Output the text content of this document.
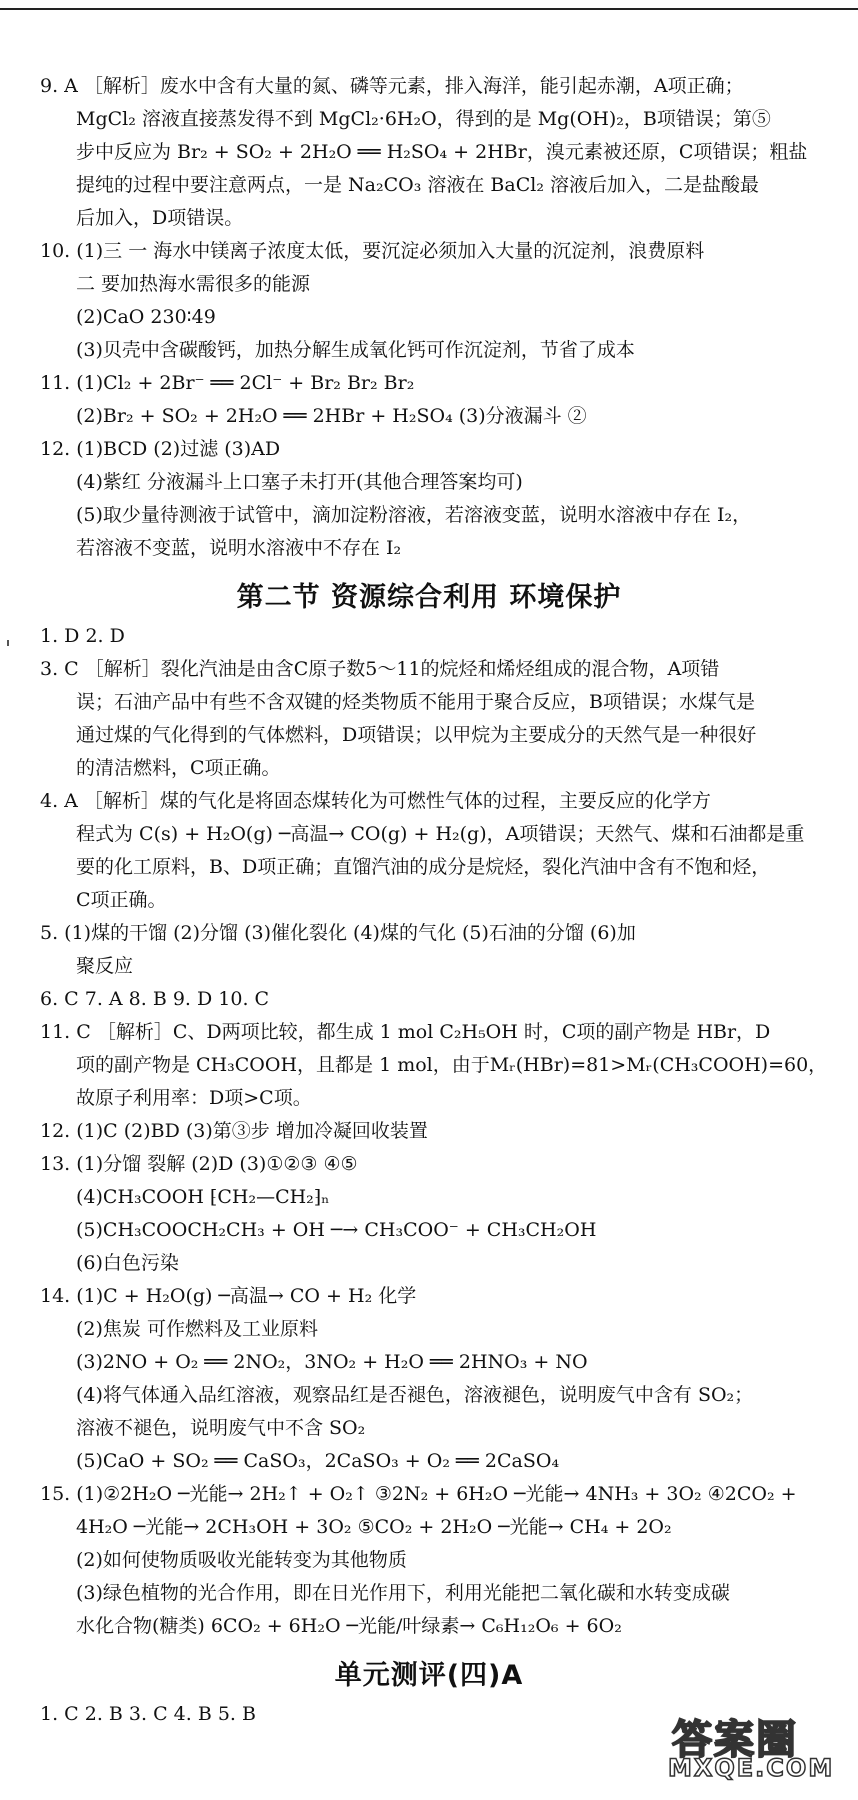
9. A ［解析］废水中含有大量的氮、磷等元素，排入海洋，能引起赤潮，A项正确；

MgCl₂ 溶液直接蒸发得不到 MgCl₂·6H₂O，得到的是 Mg(OH)₂，B项错误；第⑤

步中反应为 Br₂ + SO₂ + 2H₂O ══ H₂SO₄ + 2HBr，溴元素被还原，C项错误；粗盐

提纯的过程中要注意两点，一是 Na₂CO₃ 溶液在 BaCl₂ 溶液后加入，二是盐酸最

后加入，D项错误。

10. (1)三 一 海水中镁离子浓度太低，要沉淀必须加入大量的沉淀剂，浪费原料

二 要加热海水需很多的能源

(2)CaO 230∶49

(3)贝壳中含碳酸钙，加热分解生成氧化钙可作沉淀剂，节省了成本

11. (1)Cl₂ + 2Br⁻ ══ 2Cl⁻ + Br₂ Br₂ Br₂

(2)Br₂ + SO₂ + 2H₂O ══ 2HBr + H₂SO₄ (3)分液漏斗 ②

12. (1)BCD (2)过滤 (3)AD

(4)紫红 分液漏斗上口塞子未打开(其他合理答案均可)

(5)取少量待测液于试管中，滴加淀粉溶液，若溶液变蓝，说明水溶液中存在 I₂，

若溶液不变蓝，说明水溶液中不存在 I₂

第二节 资源综合利用 环境保护

1. D 2. D

3. C ［解析］裂化汽油是由含C原子数5～11的烷烃和烯烃组成的混合物，A项错

误；石油产品中有些不含双键的烃类物质不能用于聚合反应，B项错误；水煤气是

通过煤的气化得到的气体燃料，D项错误；以甲烷为主要成分的天然气是一种很好

的清洁燃料，C项正确。

4. A ［解析］煤的气化是将固态煤转化为可燃性气体的过程，主要反应的化学方

程式为 C(s) + H₂O(g) ─高温→ CO(g) + H₂(g)，A项错误；天然气、煤和石油都是重

要的化工原料，B、D项正确；直馏汽油的成分是烷烃，裂化汽油中含有不饱和烃，

C项正确。

5. (1)煤的干馏 (2)分馏 (3)催化裂化 (4)煤的气化 (5)石油的分馏 (6)加

聚反应

6. C 7. A 8. B 9. D 10. C

11. C ［解析］C、D两项比较，都生成 1 mol C₂H₅OH 时，C项的副产物是 HBr，D

项的副产物是 CH₃COOH，且都是 1 mol，由于Mᵣ(HBr)=81>Mᵣ(CH₃COOH)=60，

故原子利用率：D项>C项。

12. (1)C (2)BD (3)第③步 增加冷凝回收装置

13. (1)分馏 裂解 (2)D (3)①②③ ④⑤

(4)CH₃COOH ⁅CH₂—CH₂⁆ₙ

(5)CH₃COOCH₂CH₃ + OH ─→ CH₃COO⁻ + CH₃CH₂OH

(6)白色污染

14. (1)C + H₂O(g) ─高温→ CO + H₂ 化学

(2)焦炭 可作燃料及工业原料

(3)2NO + O₂ ══ 2NO₂，3NO₂ + H₂O ══ 2HNO₃ + NO

(4)将气体通入品红溶液，观察品红是否褪色，溶液褪色，说明废气中含有 SO₂；

溶液不褪色，说明废气中不含 SO₂

(5)CaO + SO₂ ══ CaSO₃，2CaSO₃ + O₂ ══ 2CaSO₄

15. (1)②2H₂O ─光能→ 2H₂↑ + O₂↑ ③2N₂ + 6H₂O ─光能→ 4NH₃ + 3O₂ ④2CO₂ +

4H₂O ─光能→ 2CH₃OH + 3O₂ ⑤CO₂ + 2H₂O ─光能→ CH₄ + 2O₂

(2)如何使物质吸收光能转变为其他物质

(3)绿色植物的光合作用，即在日光作用下，利用光能把二氧化碳和水转变成碳

水化合物(糖类) 6CO₂ + 6H₂O ─光能/叶绿素→ C₆H₁₂O₆ + 6O₂

单元测评(四)A

1. C 2. B 3. C 4. B 5. B

答案圈
MXQE.COM
